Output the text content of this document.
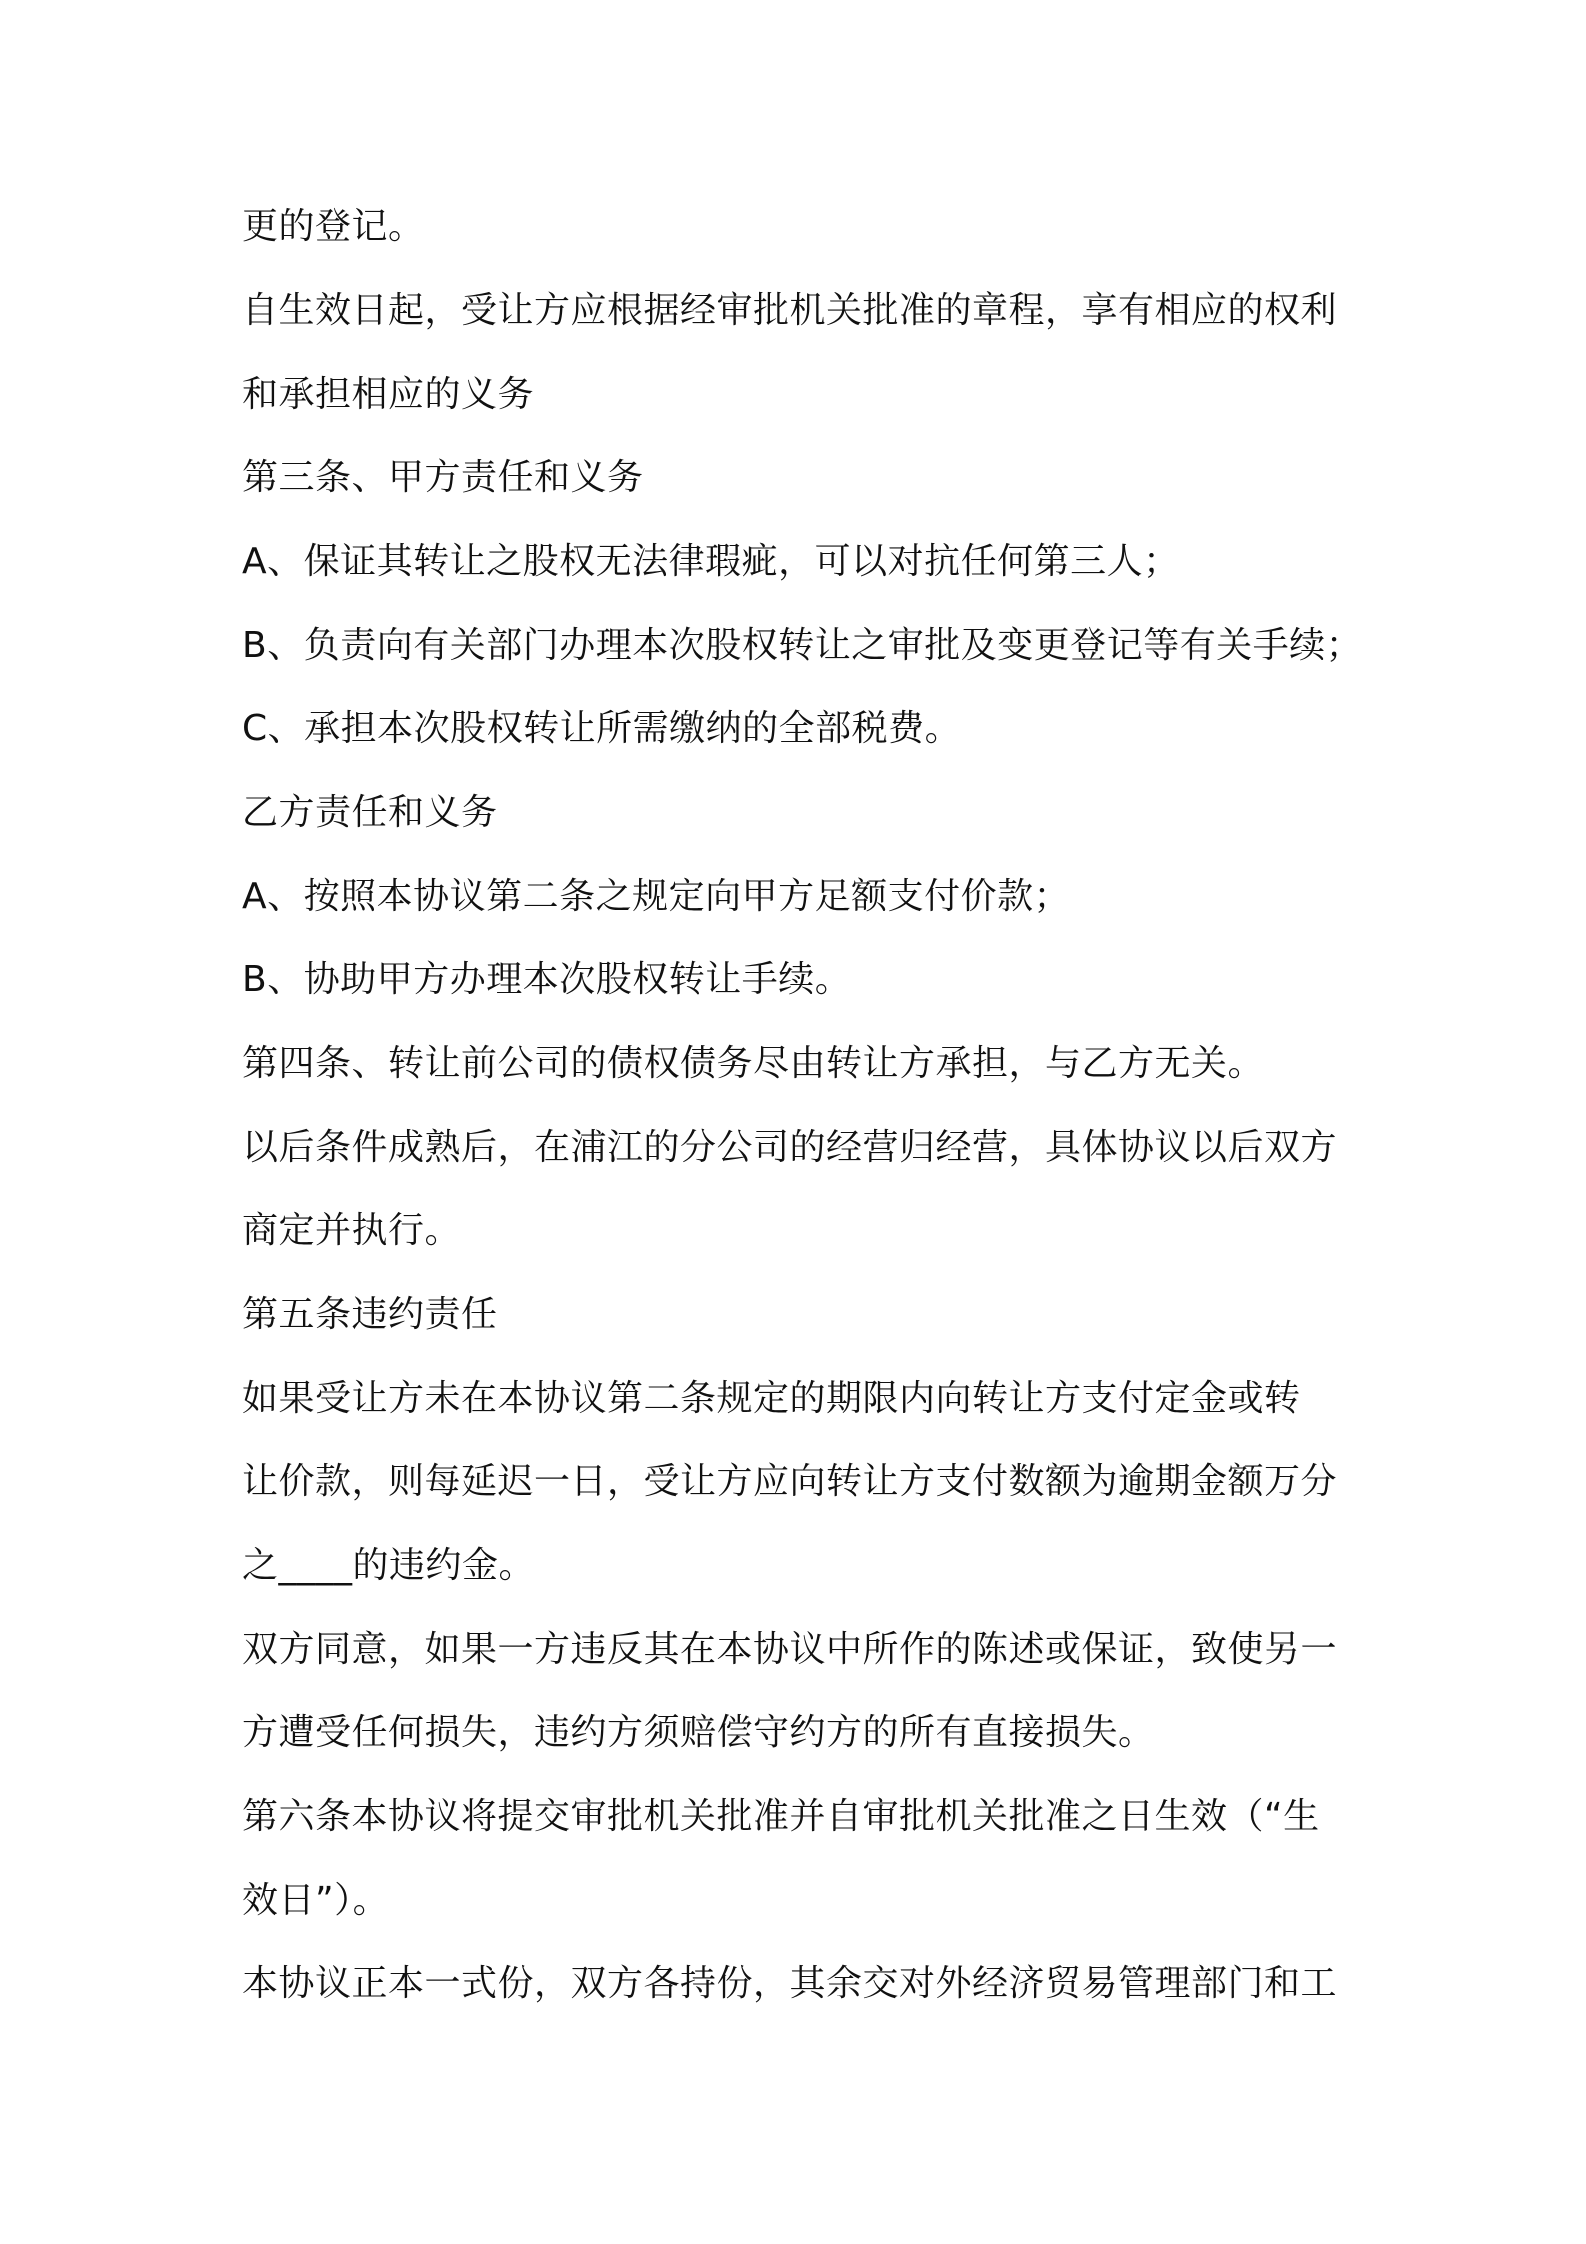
更的登记。
自生效日起，受让方应根据经审批机关批准的章程，享有相应的权利
和承担相应的义务
第三条、甲方责任和义务
A、保证其转让之股权无法律瑕疵，可以对抗任何第三人；
B、负责向有关部门办理本次股权转让之审批及变更登记等有关手续；
C、承担本次股权转让所需缴纳的全部税费。
乙方责任和义务
A、按照本协议第二条之规定向甲方足额支付价款；
B、协助甲方办理本次股权转让手续。
第四条、转让前公司的债权债务尽由转让方承担，与乙方无关。
以后条件成熟后，在浦江的分公司的经营归经营，具体协议以后双方
商定并执行。
第五条违约责任
如果受让方未在本协议第二条规定的期限内向转让方支付定金或转
让价款，则每延迟一日，受让方应向转让方支付数额为逾期金额万分
之____的违约金。
双方同意，如果一方违反其在本协议中所作的陈述或保证，致使另一
方遭受任何损失，违约方须赔偿守约方的所有直接损失。
第六条本协议将提交审批机关批准并自审批机关批准之日生效（“生
效日”）。
本协议正本一式份，双方各持份，其余交对外经济贸易管理部门和工
